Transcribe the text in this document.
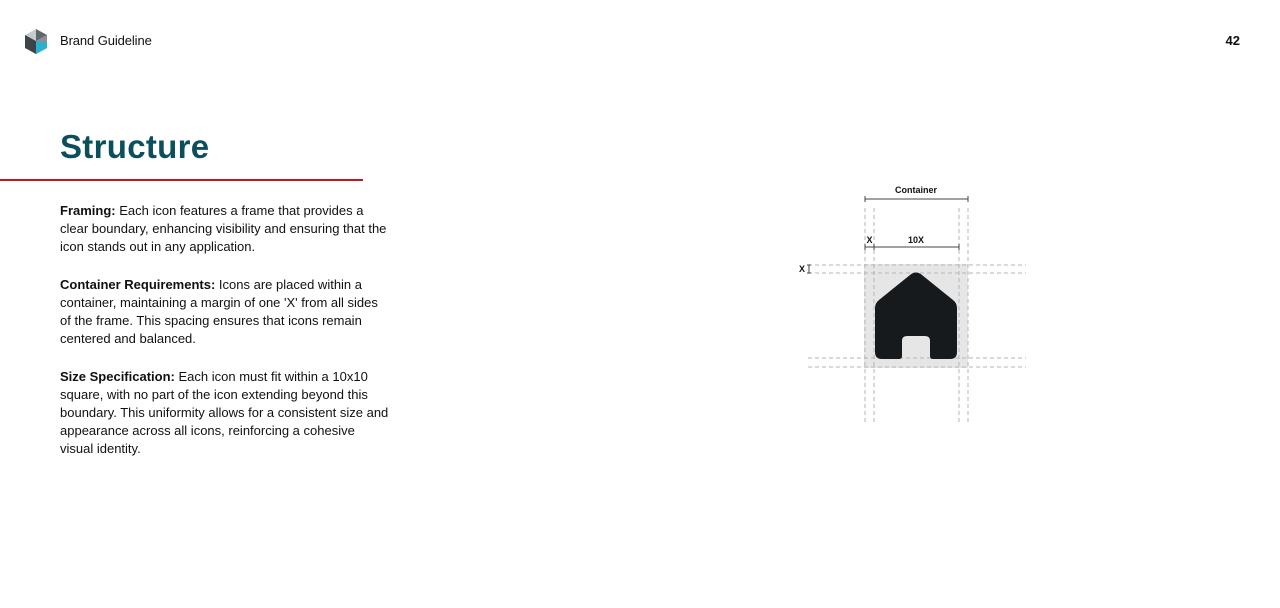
Brand Guideline	42
Structure

Framing: Each icon features a frame that provides a clear boundary, enhancing visibility and ensuring that the icon stands out in any application.

Container Requirements: Icons are placed within a container, maintaining a margin of one 'X' from all sides of the frame. This spacing ensures that icons remain centered and balanced.

Size Specification: Each icon must fit within a 10x10 square, with no part of the icon extending beyond this boundary. This uniformity allows for a consistent size and appearance across all icons, reinforcing a cohesive visual identity.

Container
X	10X
X
